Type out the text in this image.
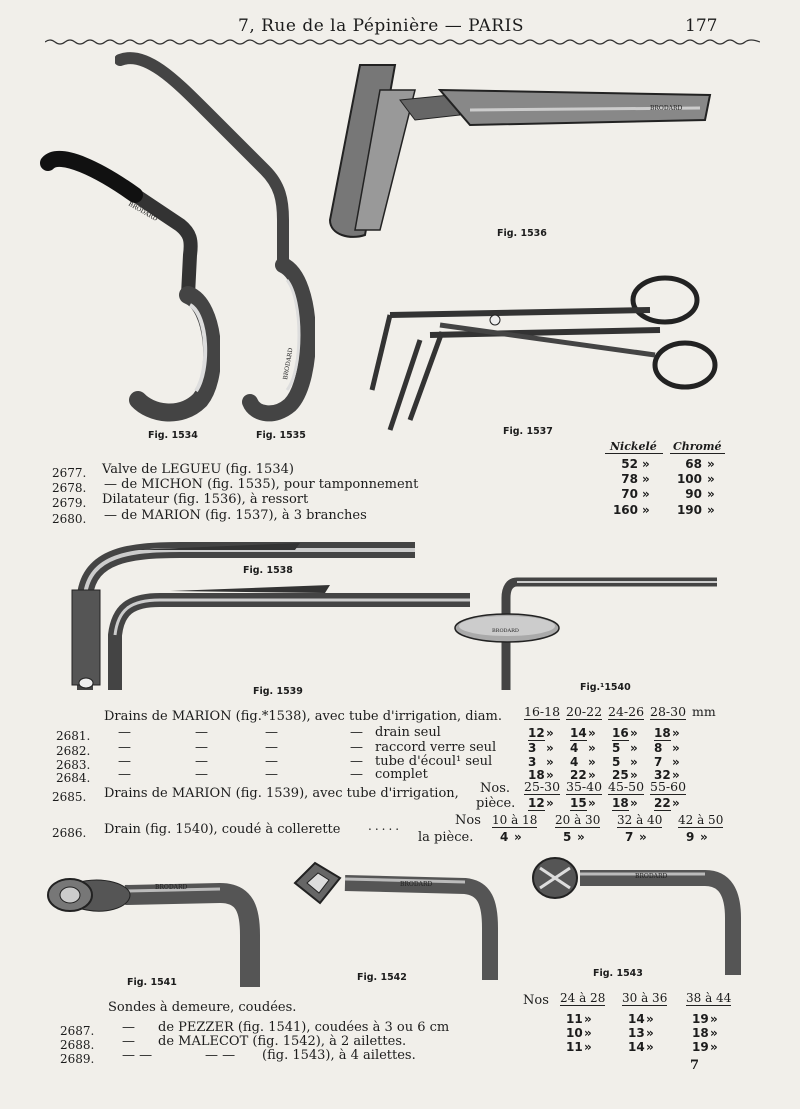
7, Rue de la Pépinière — PARIS	177
BRODARD
Fig. 1534
BRODARD
Fig. 1535
BRODARD
Fig. 1536
Fig. 1537
Nickelé Chromé
2677. Valve de LEGUEU (fig. 1534)	52 »	68 »
2678. — de MICHON (fig. 1535), pour tamponnement	78 » 100 »
2679. Dilatateur (fig. 1536), à ressort	70 »	90 »
2680. — de MARION (fig. 1537), à 3 branches	160 » 190 »
Fig. 1538
Fig. 1539
BRODARD
Fig.¹1540
Drains de MARION (fig.*1538), avec tube d'irrigation, diam. 16-18 20-22 24-26 28-30 mm
2681. —	—	—	— drain seul	12 » 14 » 16 » 18 »
2682. —	—	—	— raccord verre seul	3 » 4 » 5 » 8 »
2683. —	—	—	— tube d'écoul¹ seul	3 » 4 » 5 » 7 »
2684. —	—	—	— complet	18 » 22 » 25 » 32 »
2685. Drains de MARION (fig. 1539), avec tube d'irrigation, Nos. 25-30 35-40 45-50 55-60
pièce. 12 » 15 » 18 » 22 »
2686. Drain (fig. 1540), coudé à collerette .....	Nos 10 à 18 20 à 30 32 à 40 42 à 50
la pièce. 4 »	5 »	7 »	9 »
BRODARD
Fig. 1541
BRODARD
Fig. 1542
BRODARD
Fig. 1543
Sondes à demeure, coudées.	Nos 24 à 28 30 à 36 38 à 44
2687. — de PEZZER (fig. 1541), coudées à 3 ou 6 cm
11 »	14 »	19 »
2688. — de MALECOT (fig. 1542), à 2 ailettes.
10 »	13 »	18 »
2689. — —	— — (fig. 1543), à 4 ailettes.
11 »	14 »	19 »
7
